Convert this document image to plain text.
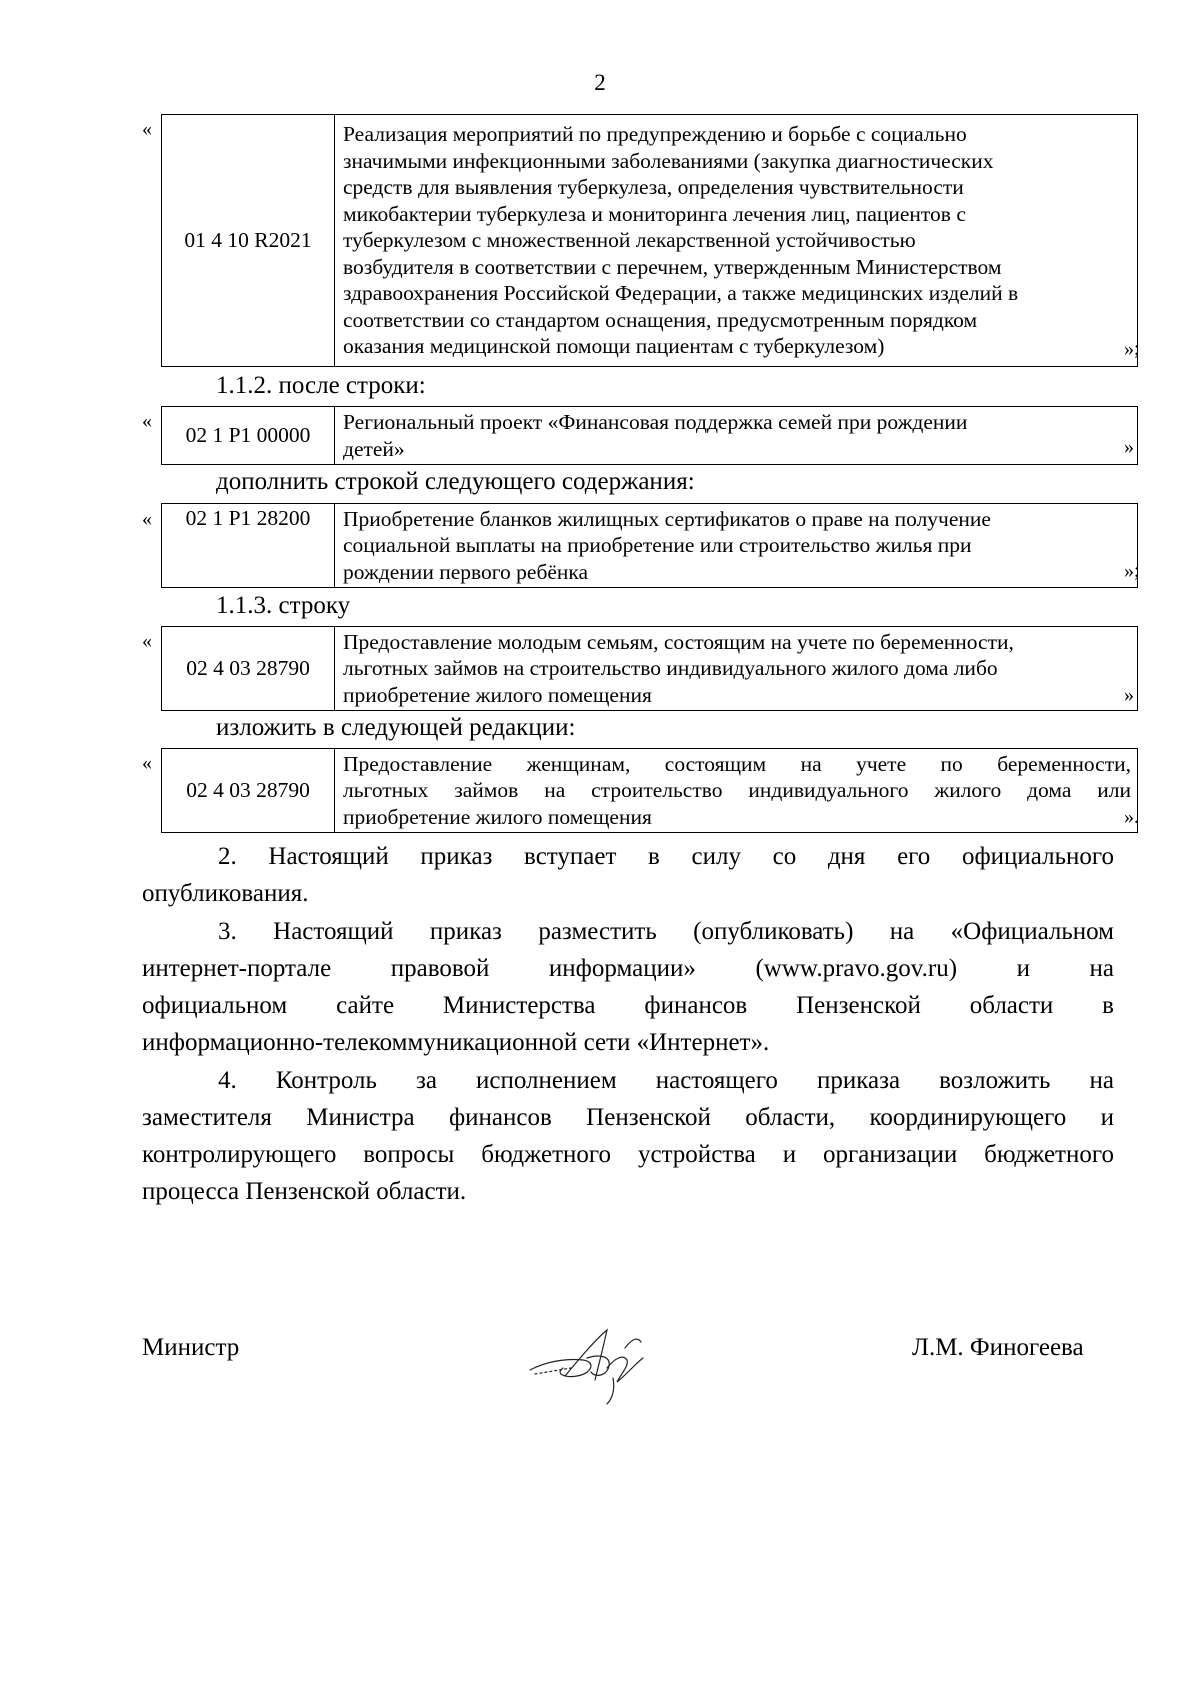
2
«
01 4 10 R2021	
Реализация мероприятий по предупреждению и борьбе с социально
значимыми инфекционными заболеваниями (закупка диагностических
средств для выявления туберкулеза, определения чувствительности
микобактерии туберкулеза и мониторинга лечения лиц, пациентов с
туберкулезом с множественной лекарственной устойчивостью
возбудителя в соответствии с перечнем, утвержденным Министерством
здравоохранения Российской Федерации, а также медицинских изделий в
соответствии со стандартом оснащения, предусмотренным порядком
оказания медицинской помощи пациентам с туберкулезом)	»;
1.1.2. после строки:
«
02 1 P1 00000	
Региональный проект «Финансовая поддержка семей при рождении
детей»	»
дополнить строкой следующего содержания:
« 02 1 P1 28200	Приобретение бланков жилищных сертификатов о праве на получение
социальной выплаты на приобретение или строительство жилья при
рождении первого ребёнка	»;
1.1.3. строку
«
02 4 03 28790	
Предоставление молодым семьям, состоящим на учете по беременности,
льготных займов на строительство индивидуального жилого дома либо
приобретение жилого помещения	»
изложить в следующей редакции:
«
02 4 03 28790	
Предоставление женщинам, состоящим на учете по беременности,
льготных займов на строительство индивидуального жилого дома или
приобретение жилого помещения	».
2. Настоящий приказ вступает в силу со дня его официального
опубликования.
3. Настоящий приказ разместить (опубликовать) на «Официальном
интернет-портале правовой информации» (www.pravo.gov.ru) и на
официальном сайте Министерства финансов Пензенской области в
информационно-телекоммуникационной сети «Интернет».
4. Контроль за исполнением настоящего приказа возложить на
заместителя Министра финансов Пензенской области, координирующего и
контролирующего вопросы бюджетного устройства и организации бюджетного
процесса Пензенской области.
Министр	Л.М. Финогеева
